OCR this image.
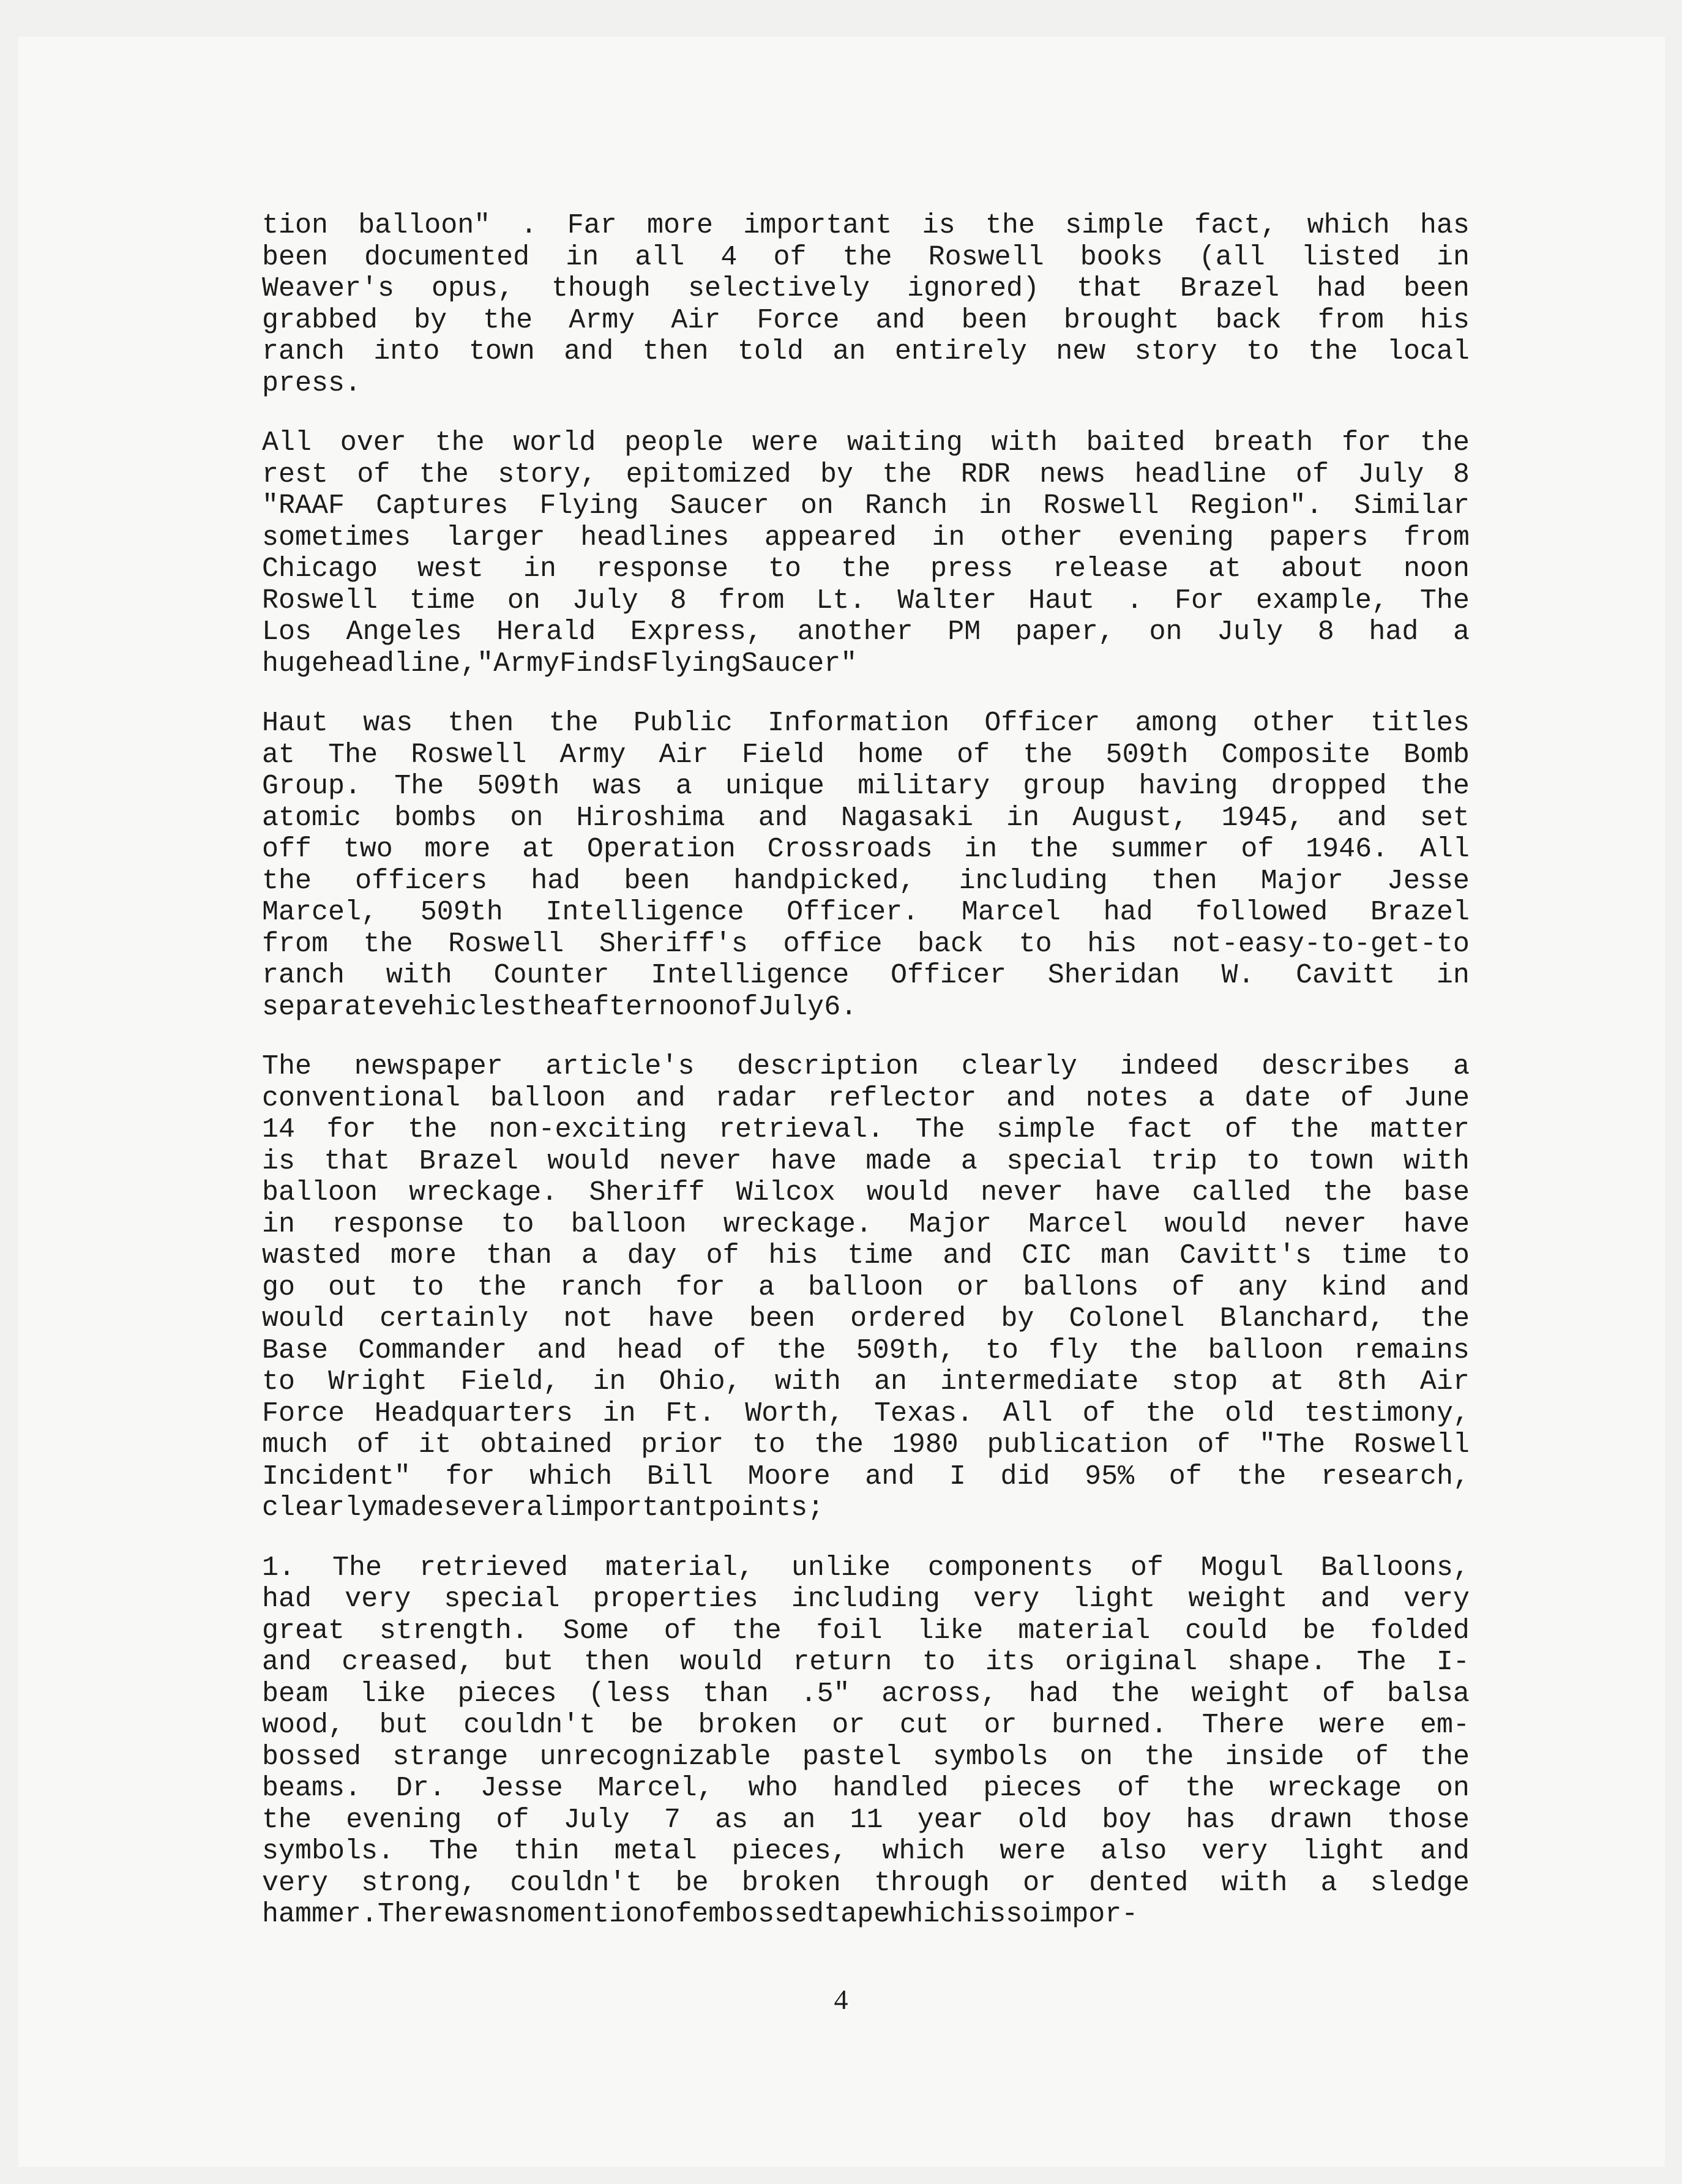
tion balloon" . Far more important is the simple fact, which has
been documented in all 4 of the Roswell books (all listed in
Weaver's opus, though selectively ignored) that Brazel had been
grabbed by the Army Air Force and been brought back from his
ranch into town and then told an entirely new story to the local
press.
All over the world people were waiting with baited breath for the
rest of the story, epitomized by the RDR news headline of July 8
"RAAF Captures Flying Saucer on Ranch in Roswell Region". Similar
sometimes larger headlines appeared in other evening papers from
Chicago west in response to the press release at about noon
Roswell time on July 8 from Lt. Walter Haut . For example, The
Los Angeles Herald Express, another PM paper, on July 8 had a
huge headline, "Army Finds Flying Saucer"
Haut was then the Public Information Officer among other titles
at The Roswell Army Air Field home of the 509th Composite Bomb
Group. The 509th was a unique military group having dropped the
atomic bombs on Hiroshima and Nagasaki in August, 1945, and set
off two more at Operation Crossroads in the summer of 1946. All
the officers had been handpicked, including then Major Jesse
Marcel, 509th Intelligence Officer. Marcel had followed Brazel
from the Roswell Sheriff's office back to his not-easy-to-get-to
ranch with Counter Intelligence Officer Sheridan W. Cavitt in
separate vehicles the afternoon of July 6.
The newspaper article's description clearly indeed describes a
conventional balloon and radar reflector and notes a date of June
14 for the non-exciting retrieval. The simple fact of the matter
is that Brazel would never have made a special trip to town with
balloon wreckage. Sheriff Wilcox would never have called the base
in response to balloon wreckage. Major Marcel would never have
wasted more than a day of his time and CIC man Cavitt's time to
go out to the ranch for a balloon or ballons of any kind and
would certainly not have been ordered by Colonel Blanchard, the
Base Commander and head of the 509th, to fly the balloon remains
to Wright Field, in Ohio, with an intermediate stop at 8th Air
Force Headquarters in Ft. Worth, Texas. All of the old testimony,
much of it obtained prior to the 1980 publication of "The Roswell
Incident" for which Bill Moore and I did 95% of the research,
clearly made several important points;
1. The retrieved material, unlike components of Mogul Balloons,
had very special properties including very light weight and very
great strength. Some of the foil like material could be folded
and creased, but then would return to its original shape. The I-
beam like pieces (less than .5" across, had the weight of balsa
wood, but couldn't be broken or cut or burned. There were em-
bossed strange unrecognizable pastel symbols on the inside of the
beams. Dr. Jesse Marcel, who handled pieces of the wreckage on
the evening of July 7 as an 11 year old boy has drawn those
symbols. The thin metal pieces, which were also very light and
very strong, couldn't be broken through or dented with a sledge
hammer. There was no mention of embossed tape which is so impor-
4
